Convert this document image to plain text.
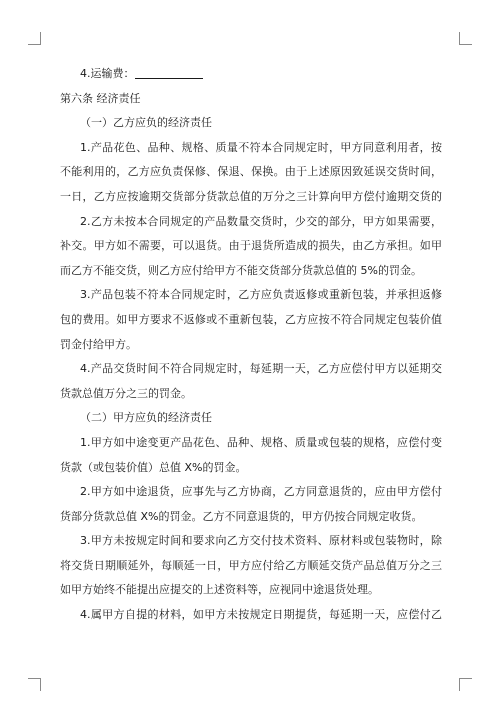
4.运输费：
第六条 经济责任
（一）乙方应负的经济责任
1.产品花色、品种、规格、质量不符本合同规定时，甲方同意利用者，按
不能利用的，乙方应负责保修、保退、保换。由于上述原因致延误交货时间，
一日，乙方应按逾期交货部分货款总值的万分之三计算向甲方偿付逾期交货的
2.乙方未按本合同规定的产品数量交货时，少交的部分，甲方如果需要，
补交。甲方如不需要，可以退货。由于退货所造成的损失，由乙方承担。如甲
而乙方不能交货，则乙方应付给甲方不能交货部分货款总值的 5%的罚金。
3.产品包装不符本合同规定时，乙方应负责返修或重新包装，并承担返修
包的费用。如甲方要求不返修或不重新包装，乙方应按不符合同规定包装价值
罚金付给甲方。
4.产品交货时间不符合同规定时，每延期一天，乙方应偿付甲方以延期交
货款总值万分之三的罚金。
（二）甲方应负的经济责任
1.甲方如中途变更产品花色、品种、规格、质量或包装的规格，应偿付变
货款（或包装价值）总值 X%的罚金。
2.甲方如中途退货，应事先与乙方协商，乙方同意退货的，应由甲方偿付
货部分货款总值 X%的罚金。乙方不同意退货的，甲方仍按合同规定收货。
3.甲方未按规定时间和要求向乙方交付技术资料、原材料或包装物时，除
将交货日期顺延外，每顺延一日，甲方应付给乙方顺延交货产品总值万分之三
如甲方始终不能提出应提交的上述资料等，应视同中途退货处理。
4.属甲方自提的材料，如甲方未按规定日期提货，每延期一天，应偿付乙
